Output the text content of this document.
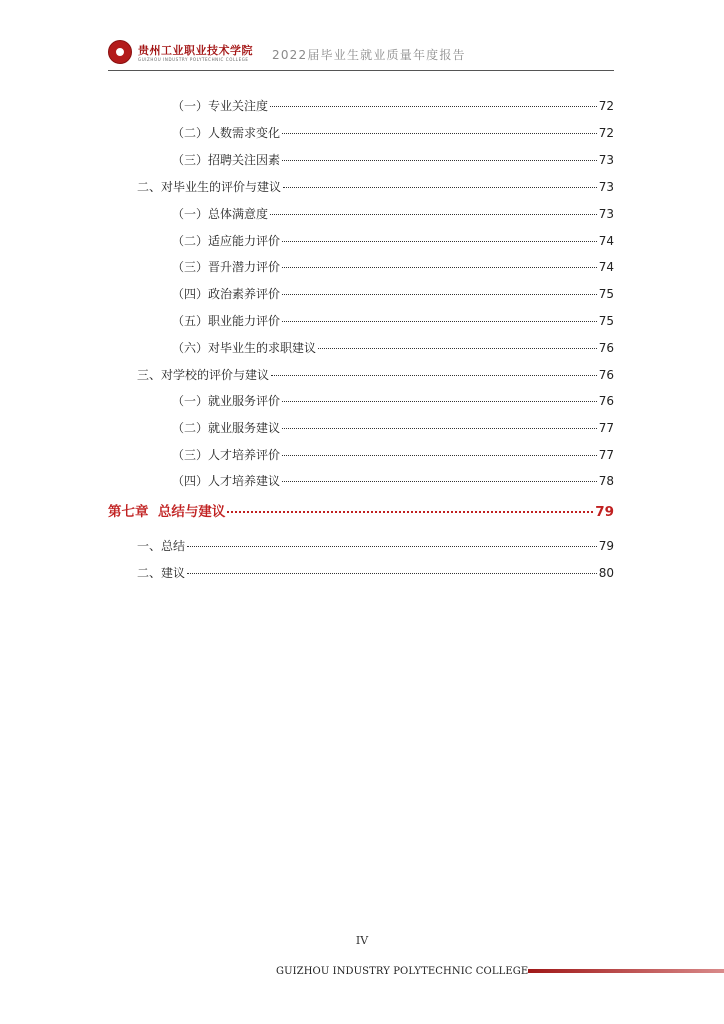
贵州工业职业技术学院
GUIZHOU INDUSTRY POLYTECHNIC COLLEGE 2022届毕业生就业质量年度报告
（一）专业关注度	72
（二）人数需求变化	72
（三）招聘关注因素	73
二、对毕业生的评价与建议	73
（一）总体满意度	73
（二）适应能力评价	74
（三）晋升潜力评价	74
（四）政治素养评价	75
（五）职业能力评价	75
（六）对毕业生的求职建议	76
三、对学校的评价与建议	76
（一）就业服务评价	76
（二）就业服务建议	77
（三）人才培养评价	77
（四）人才培养建议	78
第七章  总结与建议	79
一、总结	79
二、建议	80
IV
GUIZHOU INDUSTRY POLYTECHNIC COLLEGE
